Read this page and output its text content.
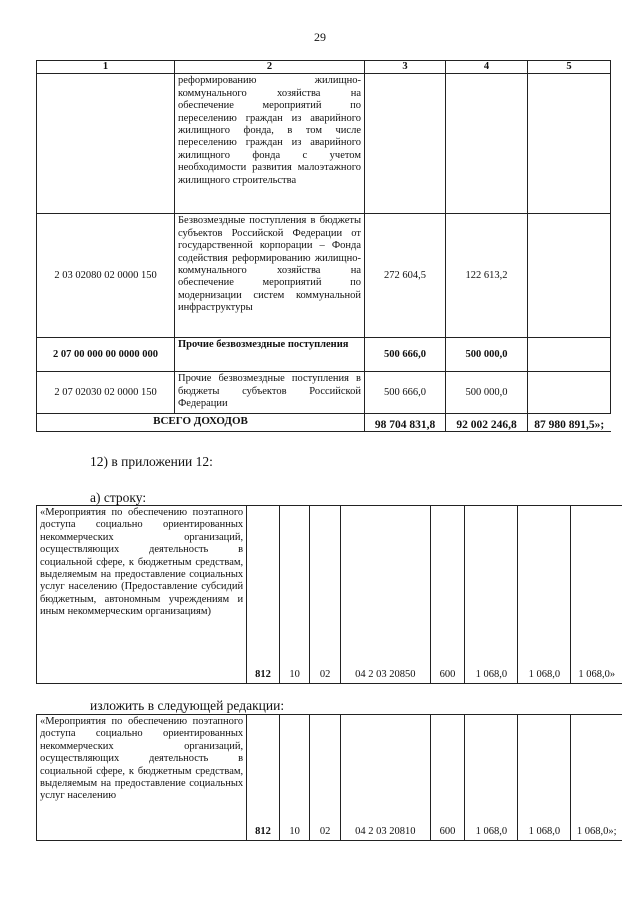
29
1	2	3	4	5
	реформированию жилищно-коммунального хозяйства на обеспечение мероприятий по переселению граждан из аварийного жилищного фонда, в том числе переселению граждан из аварийного жилищного фонда с учетом необходимости развития малоэтажного жилищного строительства			
2 03 02080 02 0000 150	Безвозмездные поступления в бюджеты субъектов Российской Федерации от государственной корпорации – Фонда содействия реформированию жилищно-коммунального хозяйства на обеспечение мероприятий по модернизации систем коммунальной инфраструктуры	272 604,5	122 613,2	
2 07 00 000 00 0000 000	Прочие безвозмездные поступления	500 666,0	500 000,0	
2 07 02030 02 0000 150	Прочие безвозмездные поступления в бюджеты субъектов Российской Федерации	500 666,0	500 000,0	
ВСЕГО ДОХОДОВ		98 704 831,8	92 002 246,8	87 980 891,5»;
12) в приложении 12:
а) строку:
«Мероприятия по обеспечению поэтапного доступа социально ориентированных некоммерческих организаций, осуществляющих деятельность в социальной сфере, к бюджетным средствам, выделяемым на предоставление социальных услуг населению (Предоставление субсидий бюджетным, автономным учреждениям и иным некоммерческим организациям)	812	10	02	04 2 03 20850	600	1 068,0	1 068,0	1 068,0»
изложить в следующей редакции:
«Мероприятия по обеспечению поэтапного доступа социально ориентированных некоммерческих организаций, осуществляющих деятельность в социальной сфере, к бюджетным средствам, выделяемым на предоставление социальных услуг населению	812	10	02	04 2 03 20810	600	1 068,0	1 068,0	1 068,0»;
